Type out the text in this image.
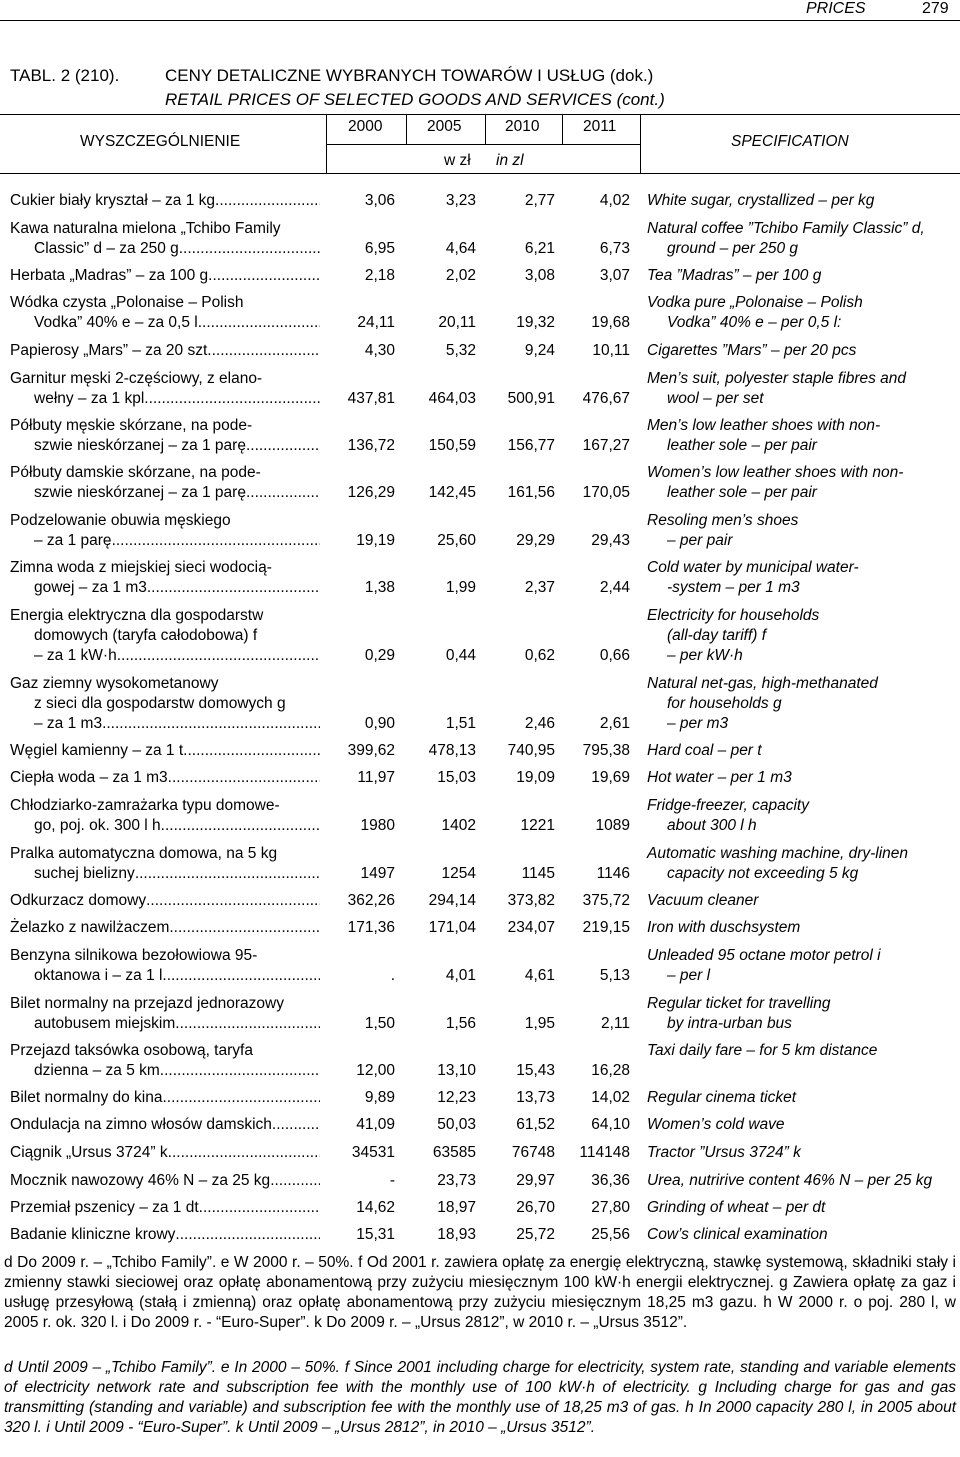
PRICES	279
TABL. 2 (210).	CENY DETALICZNE WYBRANYCH TOWARÓW I USŁUG (dok.)
RETAIL PRICES OF SELECTED GOODS AND SERVICES (cont.)
WYSZCZEGÓLNIENIE	SPECIFICATION
2000	2005	2010	2011
w zł in zl
Cukier biały kryształ – za 1 kg .....	3,06	3,23	2,77	4,02 White sugar, crystallized – per kg
Kawa naturalna mielona „Tchibo Family
Classic” d – za 250 g .....	6,95	4,64	6,21	6,73
Natural coffee ”Tchibo Family Classic” d,
ground – per 250 g
Herbata „Madras” – za 100 g .....	2,18	2,02	3,08	3,07 Tea ”Madras” – per 100 g
Wódka czysta „Polonaise – Polish
Vodka” 40% e – za 0,5 l .....	24,11	20,11	19,32	19,68
Vodka pure „Polonaise – Polish
Vodka” 40% e – per 0,5 l:
Papierosy „Mars” – za 20 szt. .....	4,30	5,32	9,24	10,11 Cigarettes ”Mars” – per 20 pcs
Garnitur męski 2-częściowy, z elano-
wełny – za 1 kpl .....	437,81	464,03	500,91	476,67
Men’s suit, polyester staple fibres and
wool – per set
Półbuty męskie skórzane, na pode-
szwie nieskórzanej – za 1 parę .....	136,72	150,59	156,77	167,27
Men’s low leather shoes with non-
leather sole – per pair
Półbuty damskie skórzane, na pode-
szwie nieskórzanej – za 1 parę .....	126,29	142,45	161,56	170,05
Women’s low leather shoes with non-
leather sole – per pair
Podzelowanie obuwia męskiego
– za 1 parę .....	19,19	25,60	29,29	29,43
Resoling men’s shoes
– per pair
Zimna woda z miejskiej sieci wodocią-
gowej – za 1 m3 .....	1,38	1,99	2,37	2,44
Cold water by municipal water-
-system – per 1 m3
Energia elektryczna dla gospodarstw
domowych (taryfa całodobowa) f
– za 1 kW·h .....	0,29	0,44	0,62	0,66
Electricity for households
(all-day tariff) f
– per kW·h
Gaz ziemny wysokometanowy
z sieci dla gospodarstw domowych g
– za 1 m3 .....	0,90	1,51	2,46	2,61
Natural net-gas, high-methanated
for households g
– per m3
Węgiel kamienny – za 1 t .....	399,62	478,13	740,95	795,38 Hard coal – per t
Ciepła woda – za 1 m3 .....	11,97	15,03	19,09	19,69 Hot water – per 1 m3
Chłodziarko-zamrażarka typu domowe-
go, poj. ok. 300 l h .....	1980	1402	1221	1089
Fridge-freezer, capacity
about 300 l h
Pralka automatyczna domowa, na 5 kg
suchej bielizny .....	1497	1254	1145	1146
Automatic washing machine, dry-linen
capacity not exceeding 5 kg
Odkurzacz domowy .....	362,26	294,14	373,82	375,72 Vacuum cleaner
Żelazko z nawilżaczem .....	171,36	171,04	234,07	219,15 Iron with duschsystem
Benzyna silnikowa bezołowiowa 95-
oktanowa i – za 1 l .....	.	4,01	4,61	5,13
Unleaded 95 octane motor petrol i
– per l
Bilet normalny na przejazd jednorazowy
autobusem miejskim .....	1,50	1,56	1,95	2,11
Regular ticket for travelling
by intra-urban bus
Przejazd taksówka osobową, taryfa
dzienna – za 5 km .....	12,00	13,10	15,43	16,28
Taxi daily fare – for 5 km distance
Bilet normalny do kina .....	9,89	12,23	13,73	14,02 Regular cinema ticket
Ondulacja na zimno włosów damskich .....	41,09	50,03	61,52	64,10 Women’s cold wave
Ciągnik „Ursus 3724” k .....	34531	63585	76748	114148 Tractor ”Ursus 3724” k
Mocznik nawozowy 46% N – za 25 kg .....	-	23,73	29,97	36,36 Urea, nutririve content 46% N – per 25 kg
Przemiał pszenicy – za 1 dt .....	14,62	18,97	26,70	27,80 Grinding of wheat – per dt
Badanie kliniczne krowy .....	15,31	18,93	25,72	25,56 Cow’s clinical examination
d Do 2009 r. – „Tchibo Family”. e W 2000 r. – 50%. f Od 2001 r. zawiera opłatę za energię elektryczną, stawkę systemową, składniki stały i zmienny stawki sieciowej oraz opłatę abonamentową przy zużyciu miesięcznym 100 kW·h energii elektrycznej. g Zawiera opłatę za gaz i usługę przesyłową (stałą i zmienną) oraz opłatę abonamentową przy zużyciu miesięcznym 18,25 m3 gazu. h W 2000 r. o poj. 280 l, w 2005 r. ok. 320 l. i Do 2009 r. - “Euro-Super”. k Do 2009 r. – „Ursus 2812”, w 2010 r. – „Ursus 3512”.
d Until 2009 – „Tchibo Family”. e In 2000 – 50%. f Since 2001 including charge for electricity, system rate, standing and variable elements of electricity network rate and subscription fee with the monthly use of 100 kW·h of electricity. g Including charge for gas and gas transmitting (standing and variable) and subscription fee with the monthly use of 18,25 m3 of gas. h In 2000 capacity 280 l, in 2005 about 320 l. i Until 2009 - “Euro-Super”. k Until 2009 – „Ursus 2812”, in 2010 – „Ursus 3512”.
